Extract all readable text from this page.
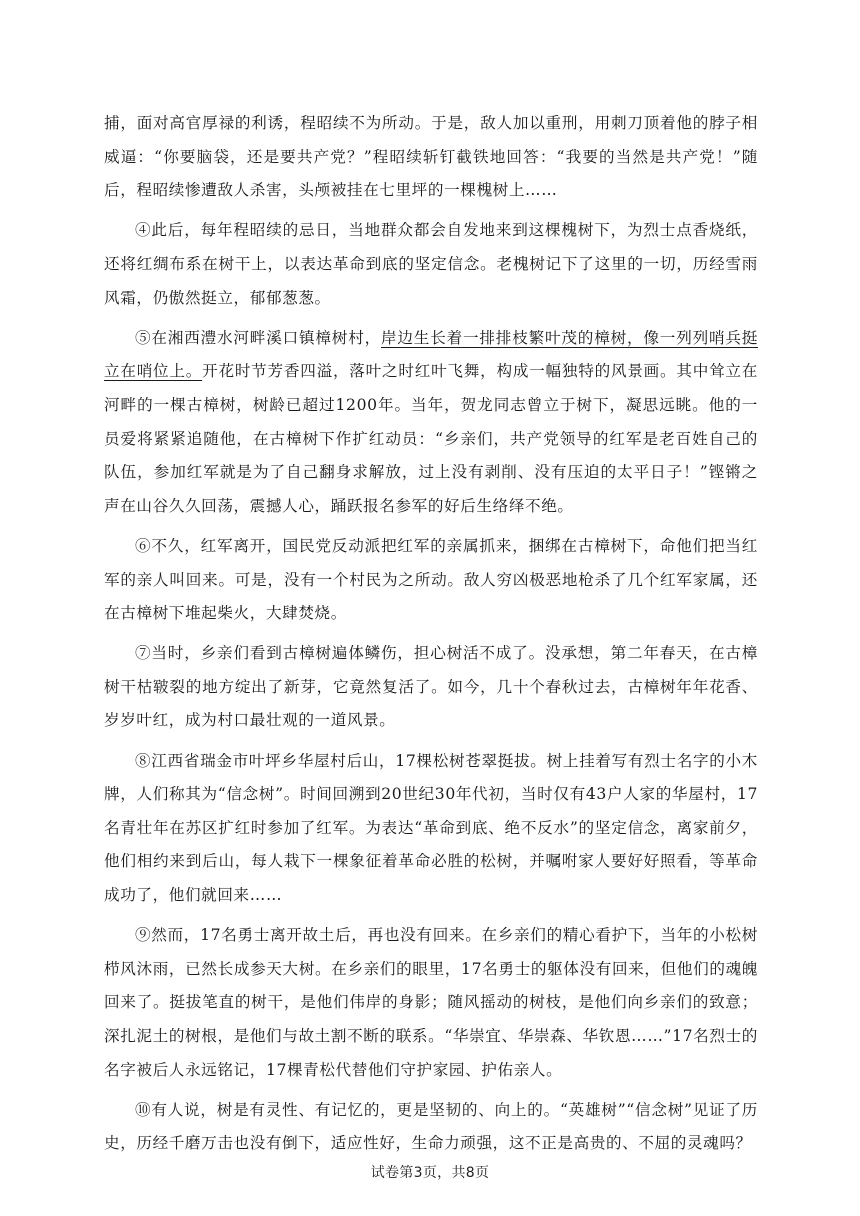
捕，面对高官厚禄的利诱，程昭续不为所动。于是，敌人加以重刑，用刺刀顶着他的脖子相威逼：“你要脑袋，还是要共产党？”程昭续斩钉截铁地回答：“我要的当然是共产党！”随后，程昭续惨遭敌人杀害，头颅被挂在七里坪的一棵槐树上……

④此后，每年程昭续的忌日，当地群众都会自发地来到这棵槐树下，为烈士点香烧纸，还将红绸布系在树干上，以表达革命到底的坚定信念。老槐树记下了这里的一切，历经雪雨风霜，仍傲然挺立，郁郁葱葱。

⑤在湘西澧水河畔溪口镇樟树村，岸边生长着一排排枝繁叶茂的樟树，像一列列哨兵挺立在哨位上。开花时节芳香四溢，落叶之时红叶飞舞，构成一幅独特的风景画。其中耸立在河畔的一棵古樟树，树龄已超过1200年。当年，贺龙同志曾立于树下，凝思远眺。他的一员爱将紧紧追随他，在古樟树下作扩红动员：“乡亲们，共产党领导的红军是老百姓自己的队伍，参加红军就是为了自己翻身求解放，过上没有剥削、没有压迫的太平日子！”铿锵之声在山谷久久回荡，震撼人心，踊跃报名参军的好后生络绎不绝。

⑥不久，红军离开，国民党反动派把红军的亲属抓来，捆绑在古樟树下，命他们把当红军的亲人叫回来。可是，没有一个村民为之所动。敌人穷凶极恶地枪杀了几个红军家属，还在古樟树下堆起柴火，大肆焚烧。

⑦当时，乡亲们看到古樟树遍体鳞伤，担心树活不成了。没承想，第二年春天，在古樟树干枯皲裂的地方绽出了新芽，它竟然复活了。如今，几十个春秋过去，古樟树年年花香、岁岁叶红，成为村口最壮观的一道风景。

⑧江西省瑞金市叶坪乡华屋村后山，17棵松树苍翠挺拔。树上挂着写有烈士名字的小木牌，人们称其为“信念树”。时间回溯到20世纪30年代初，当时仅有43户人家的华屋村，17名青壮年在苏区扩红时参加了红军。为表达“革命到底、绝不反水”的坚定信念，离家前夕，他们相约来到后山，每人栽下一棵象征着革命必胜的松树，并嘱咐家人要好好照看，等革命成功了，他们就回来……

⑨然而，17名勇士离开故土后，再也没有回来。在乡亲们的精心看护下，当年的小松树栉风沐雨，已然长成参天大树。在乡亲们的眼里，17名勇士的躯体没有回来，但他们的魂魄回来了。挺拔笔直的树干，是他们伟岸的身影；随风摇动的树枝，是他们向乡亲们的致意；深扎泥土的树根，是他们与故土割不断的联系。“华崇宜、华崇森、华钦恩……”17名烈士的名字被后人永远铭记，17棵青松代替他们守护家园、护佑亲人。

⑩有人说，树是有灵性、有记忆的，更是坚韧的、向上的。“英雄树”“信念树”见证了历史，历经千磨万击也没有倒下，适应性好，生命力顽强，这不正是高贵的、不屈的灵魂吗？

试卷第3页，共8页
